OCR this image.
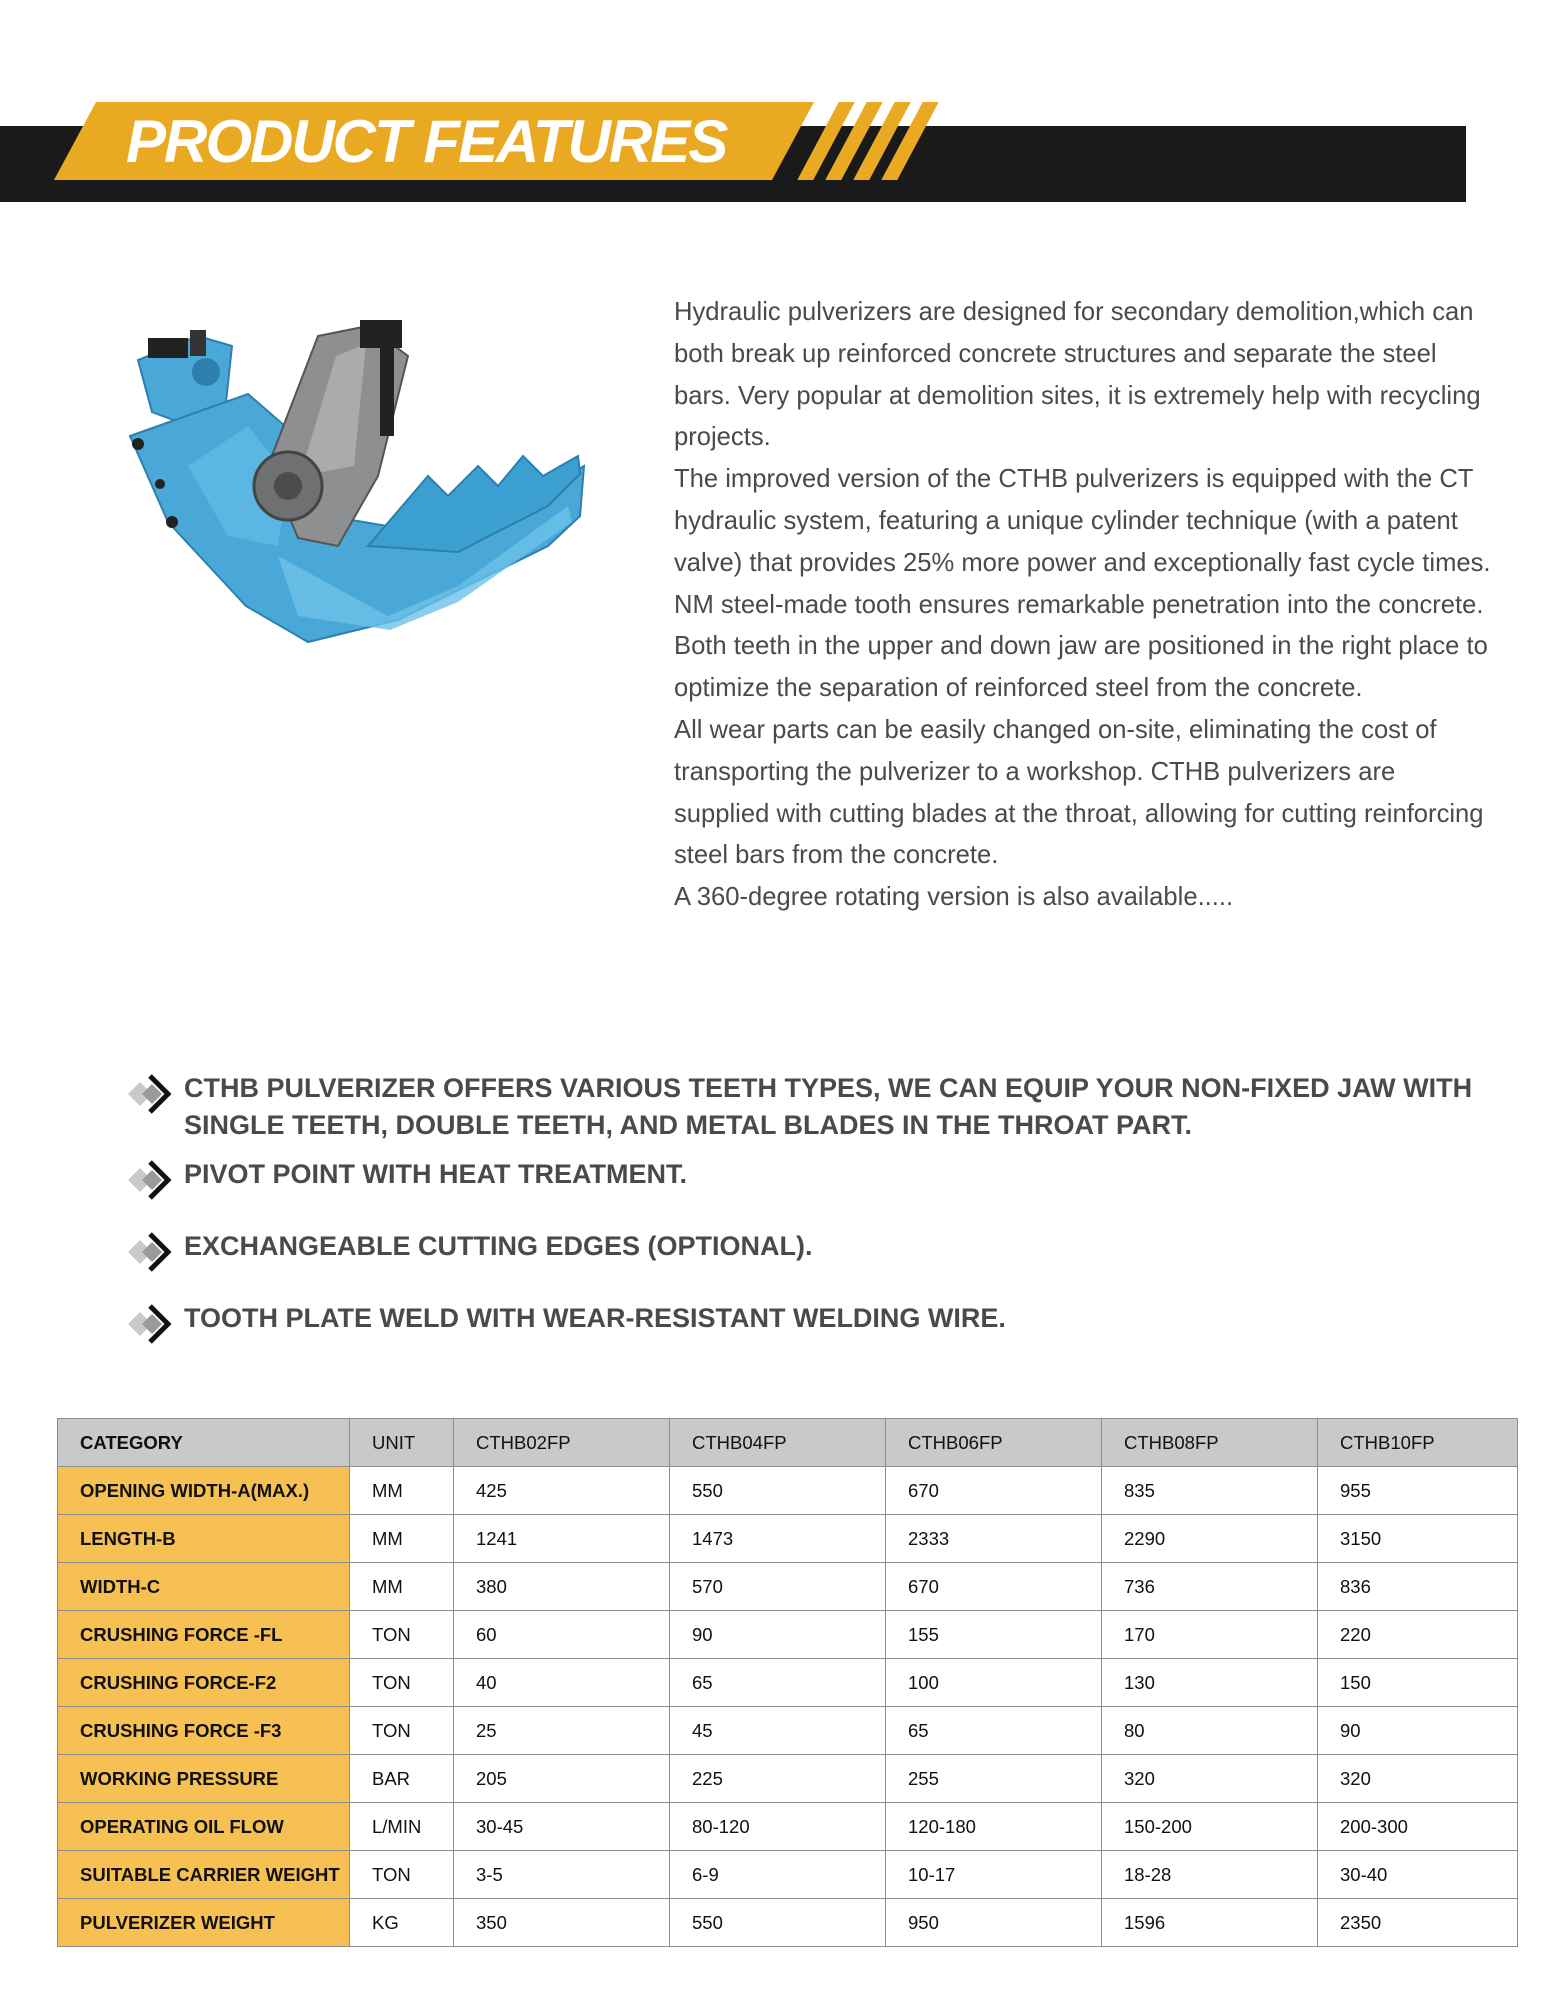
PRODUCT FEATURES

Hydraulic pulverizers are designed for secondary demolition,which can both break up reinforced concrete structures and separate the steel bars. Very popular at demolition sites, it is extremely help with recycling projects.

The improved version of the CTHB pulverizers is equipped with the CT hydraulic system, featuring a unique cylinder technique (with a patent valve) that provides 25% more power and exceptionally fast cycle times.

NM steel-made tooth ensures remarkable penetration into the concrete. Both teeth in the upper and down jaw are positioned in the right place to optimize the separation of reinforced steel from the concrete.

All wear parts can be easily changed on-site, eliminating the cost of transporting the pulverizer to a workshop. CTHB pulverizers are supplied with cutting blades at the throat, allowing for cutting reinforcing steel bars from the concrete.

A 360-degree rotating version is also available.....

CTHB PULVERIZER OFFERS VARIOUS TEETH TYPES, WE CAN EQUIP YOUR NON-FIXED JAW WITH SINGLE TEETH, DOUBLE TEETH, AND METAL BLADES IN THE THROAT PART.
PIVOT POINT WITH HEAT TREATMENT.
EXCHANGEABLE CUTTING EDGES (OPTIONAL).
TOOTH PLATE WELD WITH WEAR-RESISTANT WELDING WIRE.
CATEGORY	UNIT	CTHB02FP	CTHB04FP	CTHB06FP	CTHB08FP	CTHB10FP
OPENING WIDTH-A(MAX.)	MM	425	550	670	835	955
LENGTH-B	MM	1241	1473	2333	2290	3150
WIDTH-C	MM	380	570	670	736	836
CRUSHING FORCE -FL	TON	60	90	155	170	220
CRUSHING FORCE-F2	TON	40	65	100	130	150
CRUSHING FORCE -F3	TON	25	45	65	80	90
WORKING PRESSURE	BAR	205	225	255	320	320
OPERATING OIL FLOW	L/MIN	30-45	80-120	120-180	150-200	200-300
SUITABLE CARRIER WEIGHT	TON	3-5	6-9	10-17	18-28	30-40
PULVERIZER WEIGHT	KG	350	550	950	1596	2350
